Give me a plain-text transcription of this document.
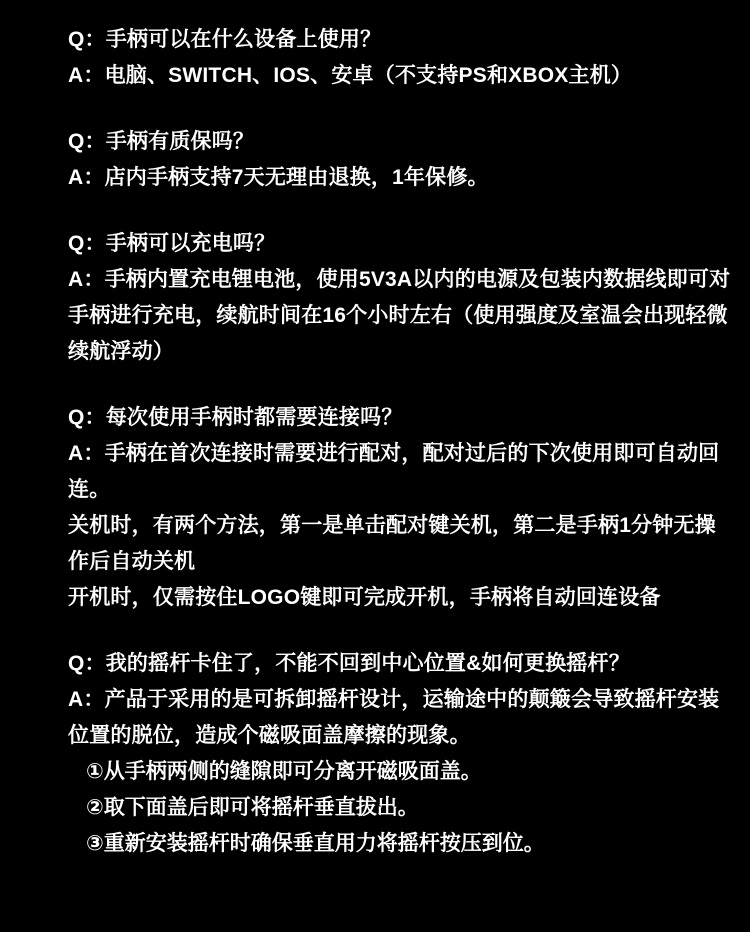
Q：手柄可以在什么设备上使用？
A：电脑、SWITCH、IOS、安卓（不支持PS和XBOX主机）
Q：手柄有质保吗？
A：店内手柄支持7天无理由退换，1年保修。
Q：手柄可以充电吗？
A：手柄内置充电锂电池，使用5V3A以内的电源及包装内数据线即可对手柄进行充电，续航时间在16个小时左右（使用强度及室温会出现轻微续航浮动）
Q：每次使用手柄时都需要连接吗？
A：手柄在首次连接时需要进行配对，配对过后的下次使用即可自动回连。
关机时，有两个方法，第一是单击配对键关机，第二是手柄1分钟无操作后自动关机
开机时，仅需按住LOGO键即可完成开机，手柄将自动回连设备
Q：我的摇杆卡住了，不能不回到中心位置&如何更换摇杆？
A：产品于采用的是可拆卸摇杆设计，运输途中的颠簸会导致摇杆安装位置的脱位，造成个磁吸面盖摩擦的现象。
①从手柄两侧的缝隙即可分离开磁吸面盖。
②取下面盖后即可将摇杆垂直拔出。
③重新安装摇杆时确保垂直用力将摇杆按压到位。
